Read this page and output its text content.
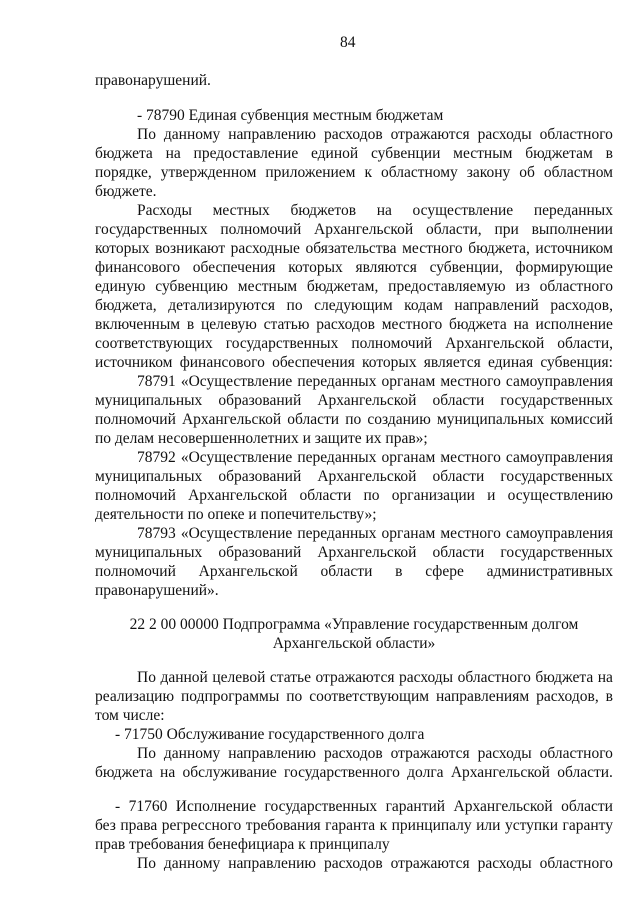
84
правонарушений.
- 78790 Единая субвенция местным бюджетам
По данному направлению расходов отражаются расходы областного
бюджета на предоставление единой субвенции местным бюджетам в
порядке, утвержденном приложением к областному закону об областном
бюджете.
Расходы местных бюджетов на осуществление переданных
государственных полномочий Архангельской области, при выполнении
которых возникают расходные обязательства местного бюджета, источником
финансового обеспечения которых являются субвенции, формирующие
единую субвенцию местным бюджетам, предоставляемую из областного
бюджета, детализируются по следующим кодам направлений расходов,
включенным в целевую статью расходов местного бюджета на исполнение
соответствующих государственных полномочий Архангельской области,
источником финансового обеспечения которых является единая субвенция:
78791 «Осуществление переданных органам местного самоуправления
муниципальных образований Архангельской области государственных
полномочий Архангельской области по созданию муниципальных комиссий
по делам несовершеннолетних и защите их прав»;
78792 «Осуществление переданных органам местного самоуправления
муниципальных образований Архангельской области государственных
полномочий Архангельской области по организации и осуществлению
деятельности по опеке и попечительству»;
78793 «Осуществление переданных органам местного самоуправления
муниципальных образований Архангельской области государственных
полномочий Архангельской области в сфере административных
правонарушений».
22 2 00 00000 Подпрограмма «Управление государственным долгом
Архангельской области»
По данной целевой статье отражаются расходы областного бюджета на
реализацию подпрограммы по соответствующим направлениям расходов, в
том числе:
- 71750 Обслуживание государственного долга
По данному направлению расходов отражаются расходы областного
бюджета на обслуживание государственного долга Архангельской области.
- 71760 Исполнение государственных гарантий Архангельской области
без права регрессного требования гаранта к принципалу или уступки гаранту
прав требования бенефициара к принципалу
По данному направлению расходов отражаются расходы областного
